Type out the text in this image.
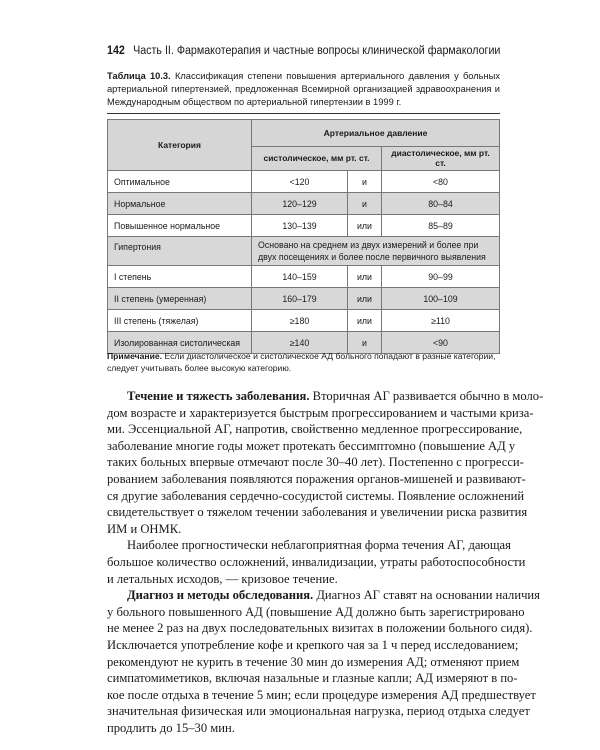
142 Часть II. Фармакотерапия и частные вопросы клинической фармакологии
Таблица 10.3. Классификация степени повышения артериального давления у больных артериальной гипертензией, предложенная Всемирной организацией здравоохранения и Международным обществом по артериальной гипертензии в 1999 г.
Категория	Артериальное давление		
	систолическое, мм рт. ст.		диастолическое, мм рт. ст.
Оптимальное	<120	и	<80
Нормальное	120–129	и	80–84
Повышенное нормальное	130–139	или	85–89
Гипертония	Основано на среднем из двух измерений и более при двух посещениях и более после первичного выявления		
I степень	140–159	или	90–99
II степень (умеренная)	160–179	или	100–109
III степень (тяжелая)	≥180	или	≥110
Изолированная систолическая	≥140	и	<90
Примечание. Если диастолическое и систолическое АД больного попадают в разные категории, следует учитывать более высокую категорию.
Течение и тяжесть заболевания. Вторичная АГ развивается обычно в моло-
дом возрасте и характеризуется быстрым прогрессированием и частыми криза-
ми. Эссенциальной АГ, напротив, свойственно медленное прогрессирование,
заболевание многие годы может протекать бессимптомно (повышение АД у
таких больных впервые отмечают после 30–40 лет). Постепенно с прогресси-
рованием заболевания появляются поражения органов-мишеней и развивают-
ся другие заболевания сердечно-сосудистой системы. Появление осложнений
свидетельствует о тяжелом течении заболевания и увеличении риска развития
ИМ и ОНМК.
Наиболее прогностически неблагоприятная форма течения АГ, дающая
большое количество осложнений, инвалидизации, утраты работоспособности
и летальных исходов, — кризовое течение.
Диагноз и методы обследования. Диагноз АГ ставят на основании наличия
у больного повышенного АД (повышение АД должно быть зарегистрировано
не менее 2 раз на двух последовательных визитах в положении больного сидя).
Исключается употребление кофе и крепкого чая за 1 ч перед исследованием;
рекомендуют не курить в течение 30 мин до измерения АД; отменяют прием
симпатомиметиков, включая назальные и глазные капли; АД измеряют в по-
кое после отдыха в течение 5 мин; если процедуре измерения АД предшествует
значительная физическая или эмоциональная нагрузка, период отдыха следует
продлить до 15–30 мин.
